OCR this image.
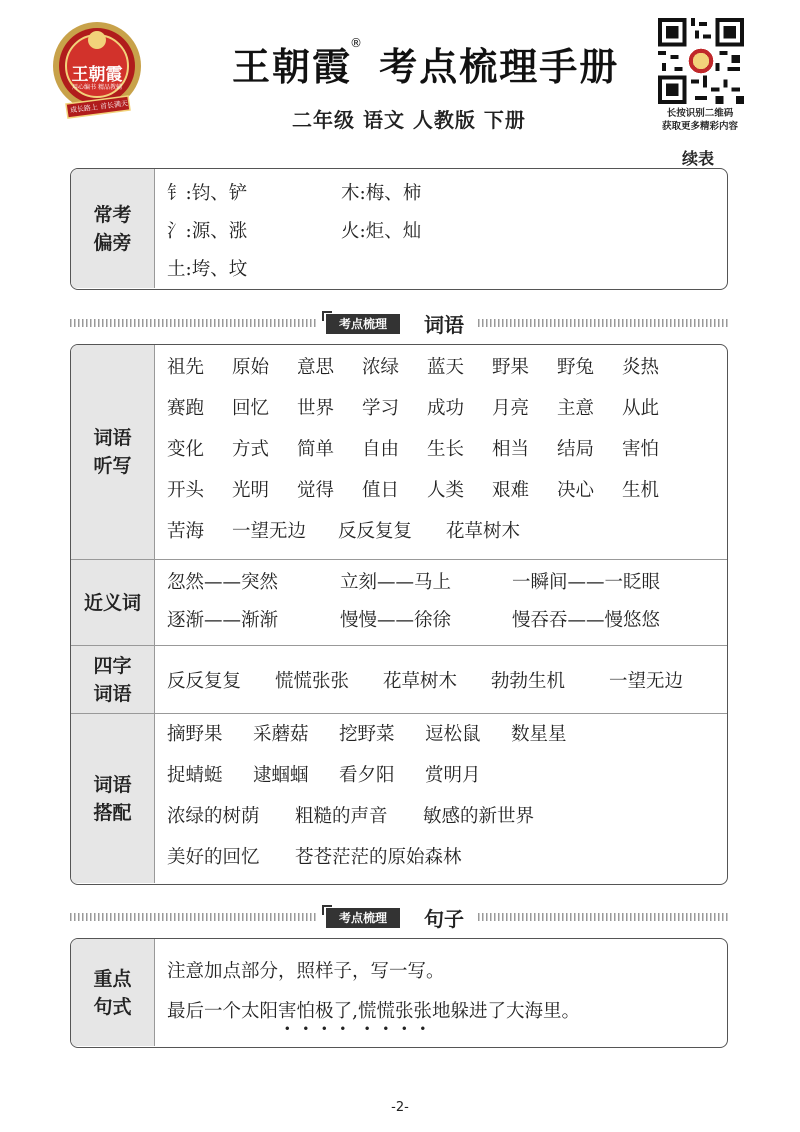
王朝霞
用心编书 精品教辅
成长路上 首长满天
王朝霞® 考点梳理手册
二年级 语文 人教版 下册	长按识别二维码
获取更多精彩内容
续表
常考
偏旁
钅:钧、铲	木:梅、柿
氵:源、涨	火:炬、灿
土:垮、坟
考点梳理	词语
词语
听写
祖先	原始	意思	浓绿	蓝天	野果	野兔	炎热
赛跑	回忆	世界	学习	成功	月亮	主意	从此
变化	方式	简单	自由	生长	相当	结局	害怕
开头	光明	觉得	值日	人类	艰难	决心	生机
苦海	一望无边	反反复复	花草树木
近义词
忽然——突然	立刻——马上	一瞬间——一眨眼
逐渐——渐渐	慢慢——徐徐	慢吞吞——慢悠悠
四字
词语
反反复复	慌慌张张	花草树木	勃勃生机	一望无边
词语
搭配
摘野果	采蘑菇	挖野菜	逗松鼠	数星星
捉蜻蜓	逮蝈蝈	看夕阳	赏明月
浓绿的树荫	粗糙的声音	敏感的新世界
美好的回忆	苍苍茫茫的原始森林
考点梳理	句子
重点
句式
注意加点部分，照样子，写一写。
最后一个太阳害怕极了,慌慌张张地躲进了大海里。
-2-
